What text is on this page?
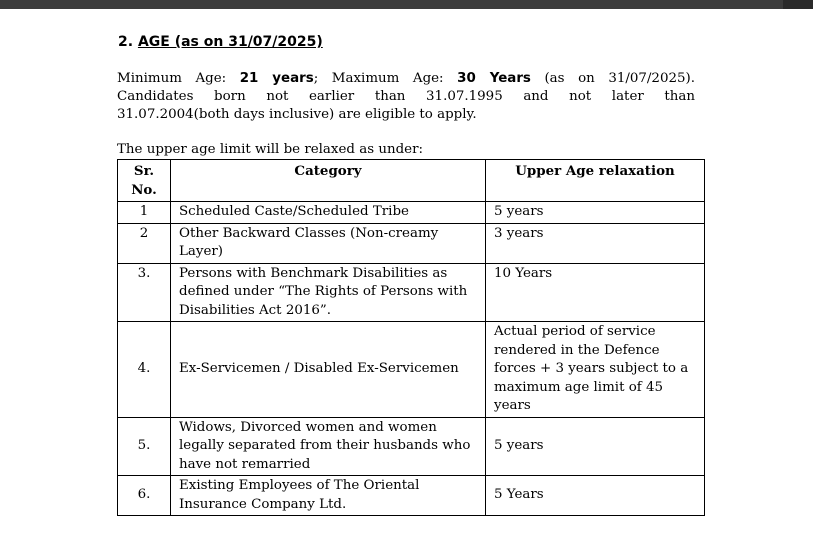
2. AGE (as on 31/07/2025)
Minimum Age: 21 years; Maximum Age: 30 Years (as on 31/07/2025).
Candidates born not earlier than 31.07.1995 and not later than
31.07.2004(both days inclusive) are eligible to apply.
The upper age limit will be relaxed as under:
Sr. No.	Category	Upper Age relaxation
1	Scheduled Caste/Scheduled Tribe	5 years
2	Other Backward Classes (Non-creamy Layer)	3 years
3.	Persons with Benchmark Disabilities as defined under “The Rights of Persons with Disabilities Act 2016”.	10 Years
4.	Ex-Servicemen / Disabled Ex-Servicemen	Actual period of service rendered in the Defence forces + 3 years subject to a maximum age limit of 45 years
5.	Widows, Divorced women and women legally separated from their husbands who have not remarried	5 years
6.	Existing Employees of The Oriental Insurance Company Ltd.	5 Years
